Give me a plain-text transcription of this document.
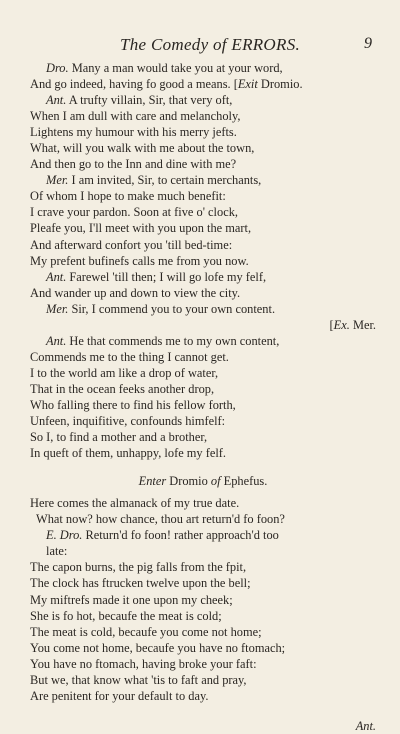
The Comedy of ERRORS.	9
Dro. Many a man would take you at your word,
And go indeed, having fo good a means. [Exit Dromio.
Ant. A trufty villain, Sir, that very oft,
When I am dull with care and melancholy,
Lightens my humour with his merry jefts.
What, will you walk with me about the town,
And then go to the Inn and dine with me?
Mer. I am invited, Sir, to certain merchants,
Of whom I hope to make much benefit:
I crave your pardon. Soon at five o' clock,
Pleafe you, I'll meet with you upon the mart,
And afterward confort you 'till bed-time:
My prefent bufinefs calls me from you now.
Ant. Farewel 'till then; I will go lofe my felf,
And wander up and down to view the city.
Mer. Sir, I commend you to your own content.
[Ex. Mer.
Ant. He that commends me to my own content,
Commends me to the thing I cannot get.
I to the world am like a drop of water,
That in the ocean feeks another drop,
Who falling there to find his fellow forth,
Unfeen, inquifitive, confounds himfelf:
So I, to find a mother and a brother,
In queft of them, unhappy, lofe my felf.
Enter Dromio of Ephefus.
Here comes the almanack of my true date.
What now? how chance, thou art return'd fo foon?
E. Dro. Return'd fo foon! rather approach'd too
late:
The capon burns, the pig falls from the fpit,
The clock has ftrucken twelve upon the bell;
My miftrefs made it one upon my cheek;
She is fo hot, becaufe the meat is cold;
The meat is cold, becaufe you come not home;
You come not home, becaufe you have no ftomach;
You have no ftomach, having broke your faft:
But we, that know what 'tis to faft and pray,
Are penitent for your default to day.
Ant.
